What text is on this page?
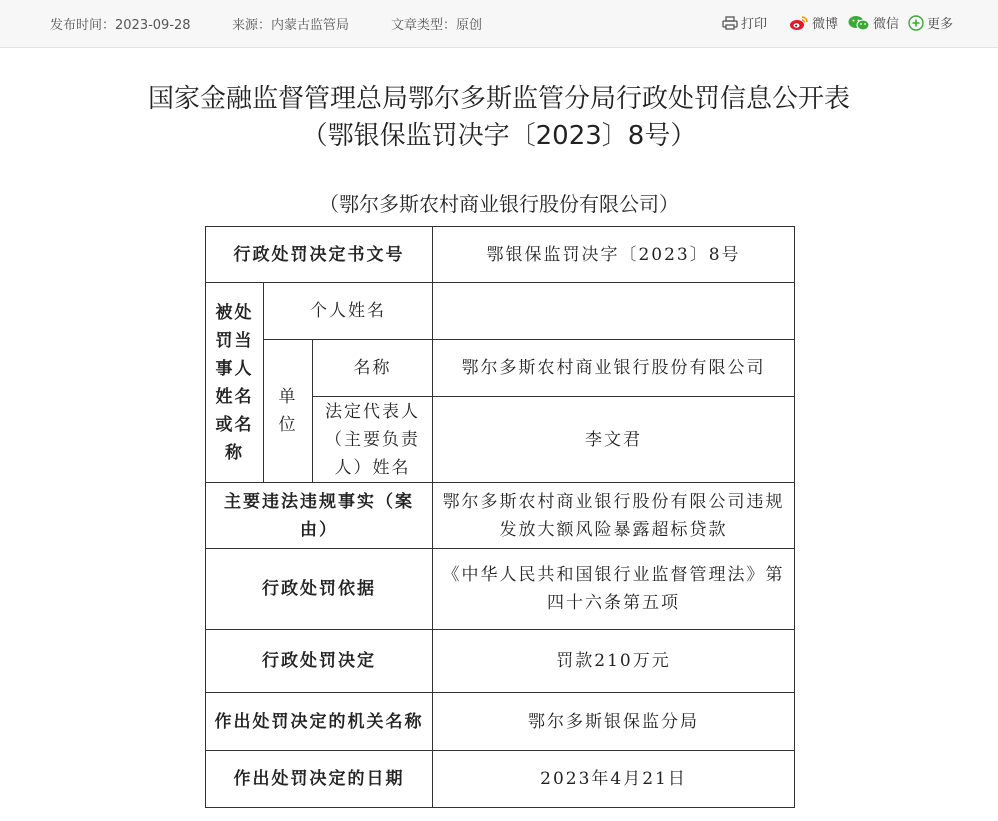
发布时间：2023-09-28	来源：内蒙古监管局	文章类型：原创	打印	微博	微信 更多
国家金融监督管理总局鄂尔多斯监管分局行政处罚信息公开表
（鄂银保监罚决字〔2023〕8号）
（鄂尔多斯农村商业银行股份有限公司）
行政处罚决定书文号			鄂银保监罚决字〔2023〕8号
被处罚当事人姓名或名称	个人姓名		
	单位	名称	鄂尔多斯农村商业银行股份有限公司
		法定代表人（主要负责人）姓名	李文君
主要违法违规事实（案由）			鄂尔多斯农村商业银行股份有限公司违规发放大额风险暴露超标贷款
行政处罚依据			《中华人民共和国银行业监督管理法》第四十六条第五项
行政处罚决定			罚款210万元
作出处罚决定的机关名称			鄂尔多斯银保监分局
作出处罚决定的日期			2023年4月21日
